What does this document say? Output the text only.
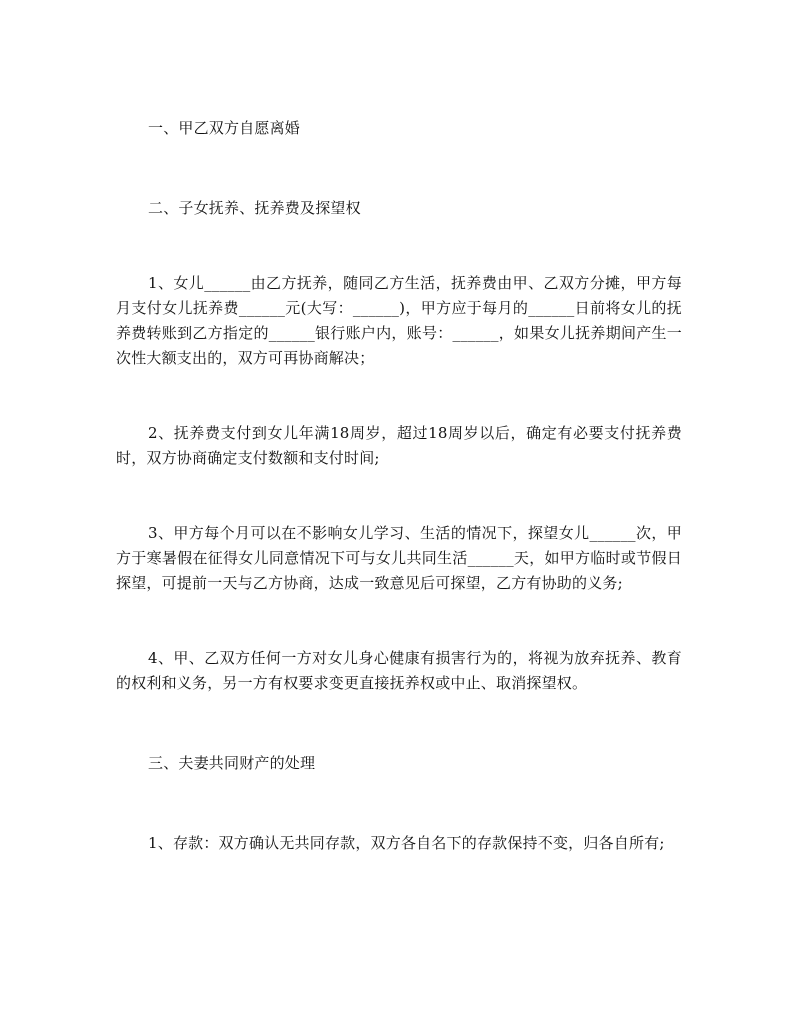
一、甲乙双方自愿离婚

二、子女抚养、抚养费及探望权

1、女儿______由乙方抚养，随同乙方生活，抚养费由甲、乙双方分摊，甲方每月支付女儿抚养费______元(大写：______)，甲方应于每月的______日前将女儿的抚养费转账到乙方指定的______银行账户内，账号：______，如果女儿抚养期间产生一次性大额支出的，双方可再协商解决；

2、抚养费支付到女儿年满18周岁，超过18周岁以后，确定有必要支付抚养费时，双方协商确定支付数额和支付时间;

3、甲方每个月可以在不影响女儿学习、生活的情况下，探望女儿______次，甲方于寒暑假在征得女儿同意情况下可与女儿共同生活______天，如甲方临时或节假日探望，可提前一天与乙方协商，达成一致意见后可探望，乙方有协助的义务;

4、甲、乙双方任何一方对女儿身心健康有损害行为的，将视为放弃抚养、教育的权利和义务，另一方有权要求变更直接抚养权或中止、取消探望权。

三、夫妻共同财产的处理

1、存款：双方确认无共同存款，双方各自名下的存款保持不变，归各自所有;
